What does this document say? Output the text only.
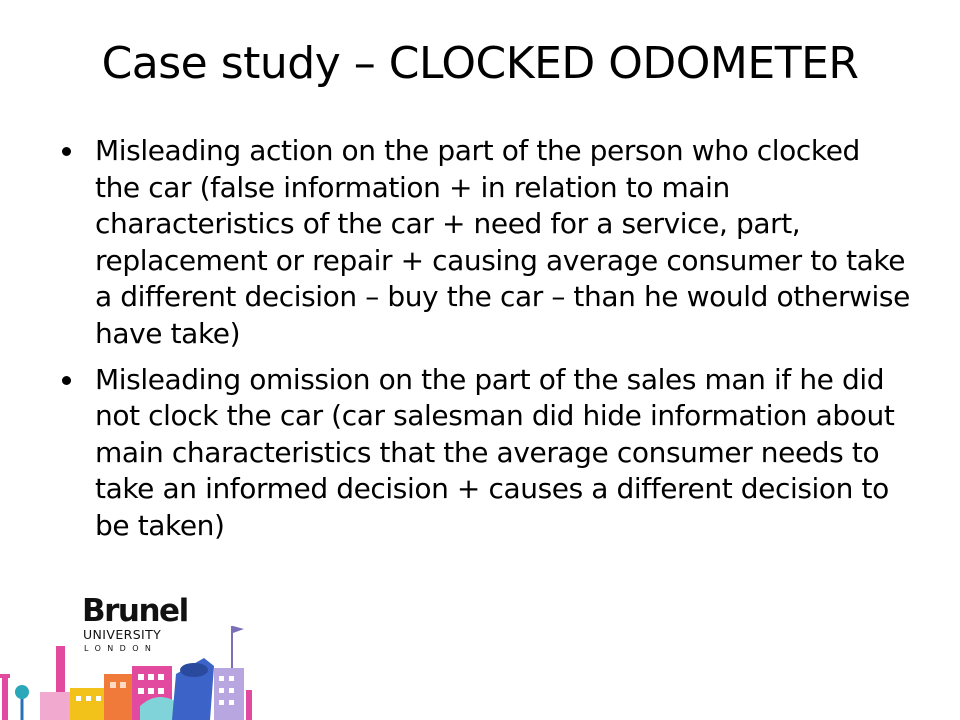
Case study – CLOCKED ODOMETER
Misleading action on the part of the person who clocked the car (false information + in relation to main characteristics of the car + need for a service, part, replacement or repair + causing average consumer to take a different decision – buy the car – than he would otherwise have take)
Misleading omission on the part of the sales man if he did not clock the car (car salesman did hide information about main characteristics that the average consumer needs to take an informed decision + causes a different decision to be taken)
Brunel
UNIVERSITY
LONDON
